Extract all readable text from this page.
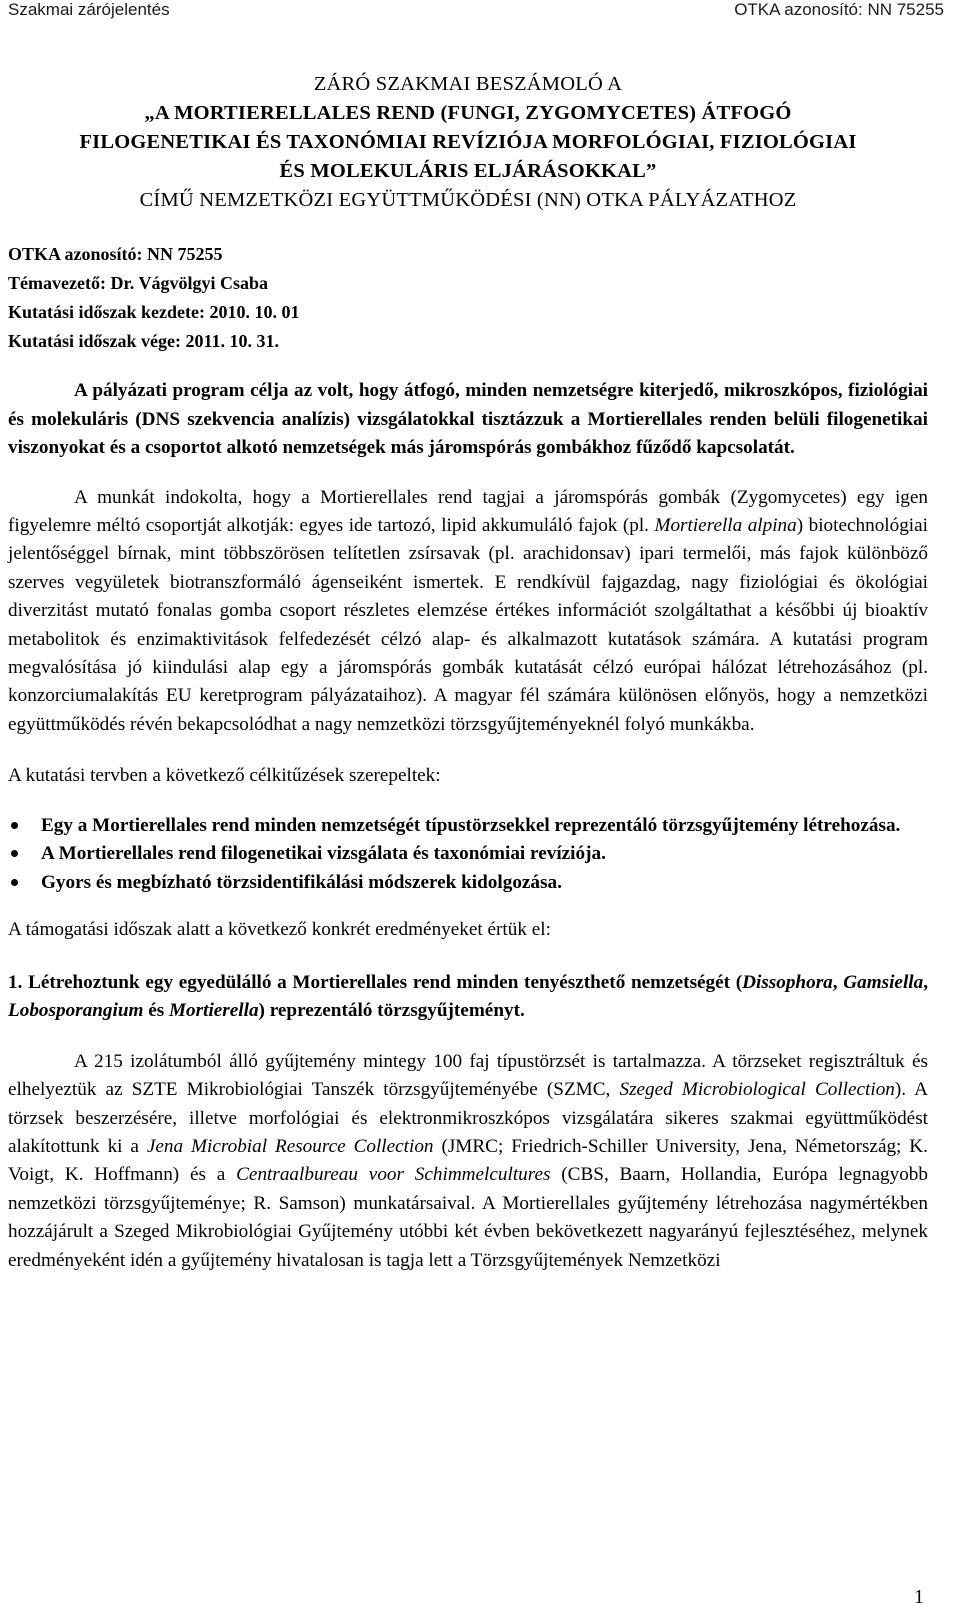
Szakmai zárójelentés	OTKA azonosító: NN 75255
ZÁRÓ SZAKMAI BESZÁMOLÓ A
„A MORTIERELLALES REND (FUNGI, ZYGOMYCETES) ÁTFOGÓ
FILOGENETIKAI ÉS TAXONÓMIAI REVÍZIÓJA MORFOLÓGIAI, FIZIOLÓGIAI
ÉS MOLEKULÁRIS ELJÁRÁSOKKAL”
CÍMŰ NEMZETKÖZI EGYÜTTMŰKÖDÉSI (NN) OTKA PÁLYÁZATHOZ
OTKA azonosító: NN 75255
Témavezető: Dr. Vágvölgyi Csaba
Kutatási időszak kezdete: 2010. 10. 01
Kutatási időszak vége: 2011. 10. 31.

A pályázati program célja az volt, hogy átfogó, minden nemzetségre kiterjedő, mikroszkópos, fiziológiai és molekuláris (DNS szekvencia analízis) vizsgálatokkal tisztázzuk a Mortierellales renden belüli filogenetikai viszonyokat és a csoportot alkotó nemzetségek más járomspórás gombákhoz fűződő kapcsolatát.

A munkát indokolta, hogy a Mortierellales rend tagjai a járomspórás gombák (Zygomycetes) egy igen figyelemre méltó csoportját alkotják: egyes ide tartozó, lipid akkumuláló fajok (pl. Mortierella alpina) biotechnológiai jelentőséggel bírnak, mint többszörösen telítetlen zsírsavak (pl. arachidonsav) ipari termelői, más fajok különböző szerves vegyületek biotranszformáló ágenseiként ismertek. E rendkívül fajgazdag, nagy fiziológiai és ökológiai diverzitást mutató fonalas gomba csoport részletes elemzése értékes információt szolgáltathat a későbbi új bioaktív metabolitok és enzimaktivitások felfedezését célzó alap- és alkalmazott kutatások számára. A kutatási program megvalósítása jó kiindulási alap egy a járomspórás gombák kutatását célzó európai hálózat létrehozásához (pl. konzorciumalakítás EU keretprogram pályázataihoz). A magyar fél számára különösen előnyös, hogy a nemzetközi együttműködés révén bekapcsolódhat a nagy nemzetközi törzsgyűjteményeknél folyó munkákba.

A kutatási tervben a következő célkitűzések szerepeltek:

Egy a Mortierellales rend minden nemzetségét típustörzsekkel reprezentáló törzsgyűjtemény létrehozása.
A Mortierellales rend filogenetikai vizsgálata és taxonómiai revíziója.
Gyors és megbízható törzsidentifikálási módszerek kidolgozása.

A támogatási időszak alatt a következő konkrét eredményeket értük el:

1. Létrehoztunk egy egyedülálló a Mortierellales rend minden tenyészthető nemzetségét (Dissophora, Gamsiella, Lobosporangium és Mortierella) reprezentáló törzsgyűjteményt.

A 215 izolátumból álló gyűjtemény mintegy 100 faj típustörzsét is tartalmazza. A törzseket regisztráltuk és elhelyeztük az SZTE Mikrobiológiai Tanszék törzsgyűjteményébe (SZMC, Szeged Microbiological Collection). A törzsek beszerzésére, illetve morfológiai és elektronmikroszkópos vizsgálatára sikeres szakmai együttműködést alakítottunk ki a Jena Microbial Resource Collection (JMRC; Friedrich-Schiller University, Jena, Németország; K. Voigt, K. Hoffmann) és a Centraalbureau voor Schimmelcultures (CBS, Baarn, Hollandia, Európa legnagyobb nemzetközi törzsgyűjteménye; R. Samson) munkatársaival. A Mortierellales gyűjtemény létrehozása nagymértékben hozzájárult a Szeged Mikrobiológiai Gyűjtemény utóbbi két évben bekövetkezett nagyarányú fejlesztéséhez, melynek eredményeként idén a gyűjtemény hivatalosan is tagja lett a Törzsgyűjtemények Nemzetközi

1
